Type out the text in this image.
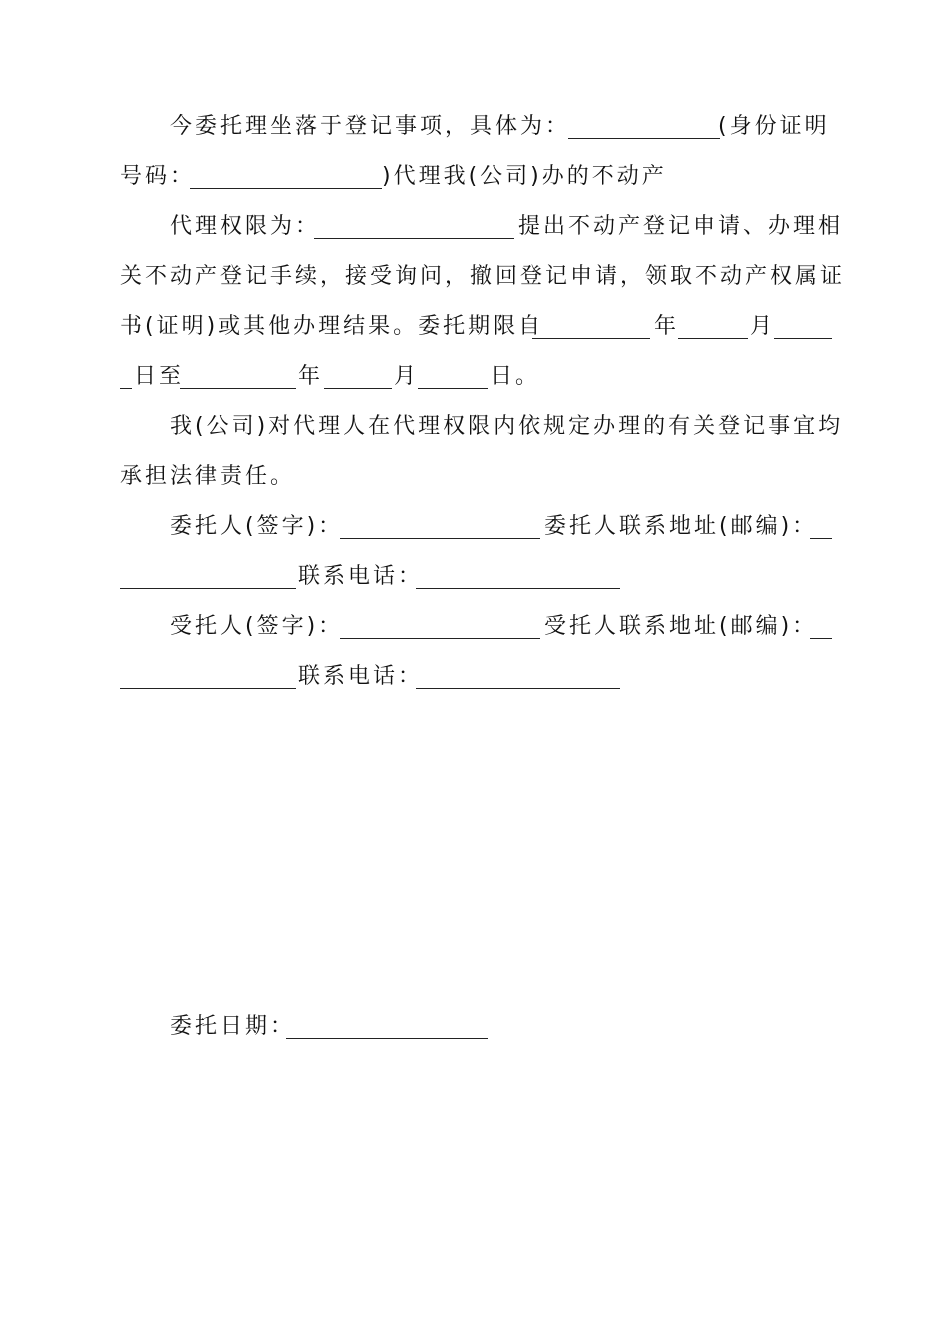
今委托理坐落于登记事项，具体为：	(身份证明
号码：	)代理我(公司)办的不动产
代理权限为：	提出不动产登记申请、办理相
关不动产登记手续，接受询问，撤回登记申请，领取不动产权属证
书(证明)或其他办理结果。委托期限自	年	月
日至	年	月	日。
我(公司)对代理人在代理权限内依规定办理的有关登记事宜均
承担法律责任。
委托人(签字)：	委托人联系地址(邮编)：
联系电话：
受托人(签字)：	受托人联系地址(邮编)：
联系电话：
委托日期：
